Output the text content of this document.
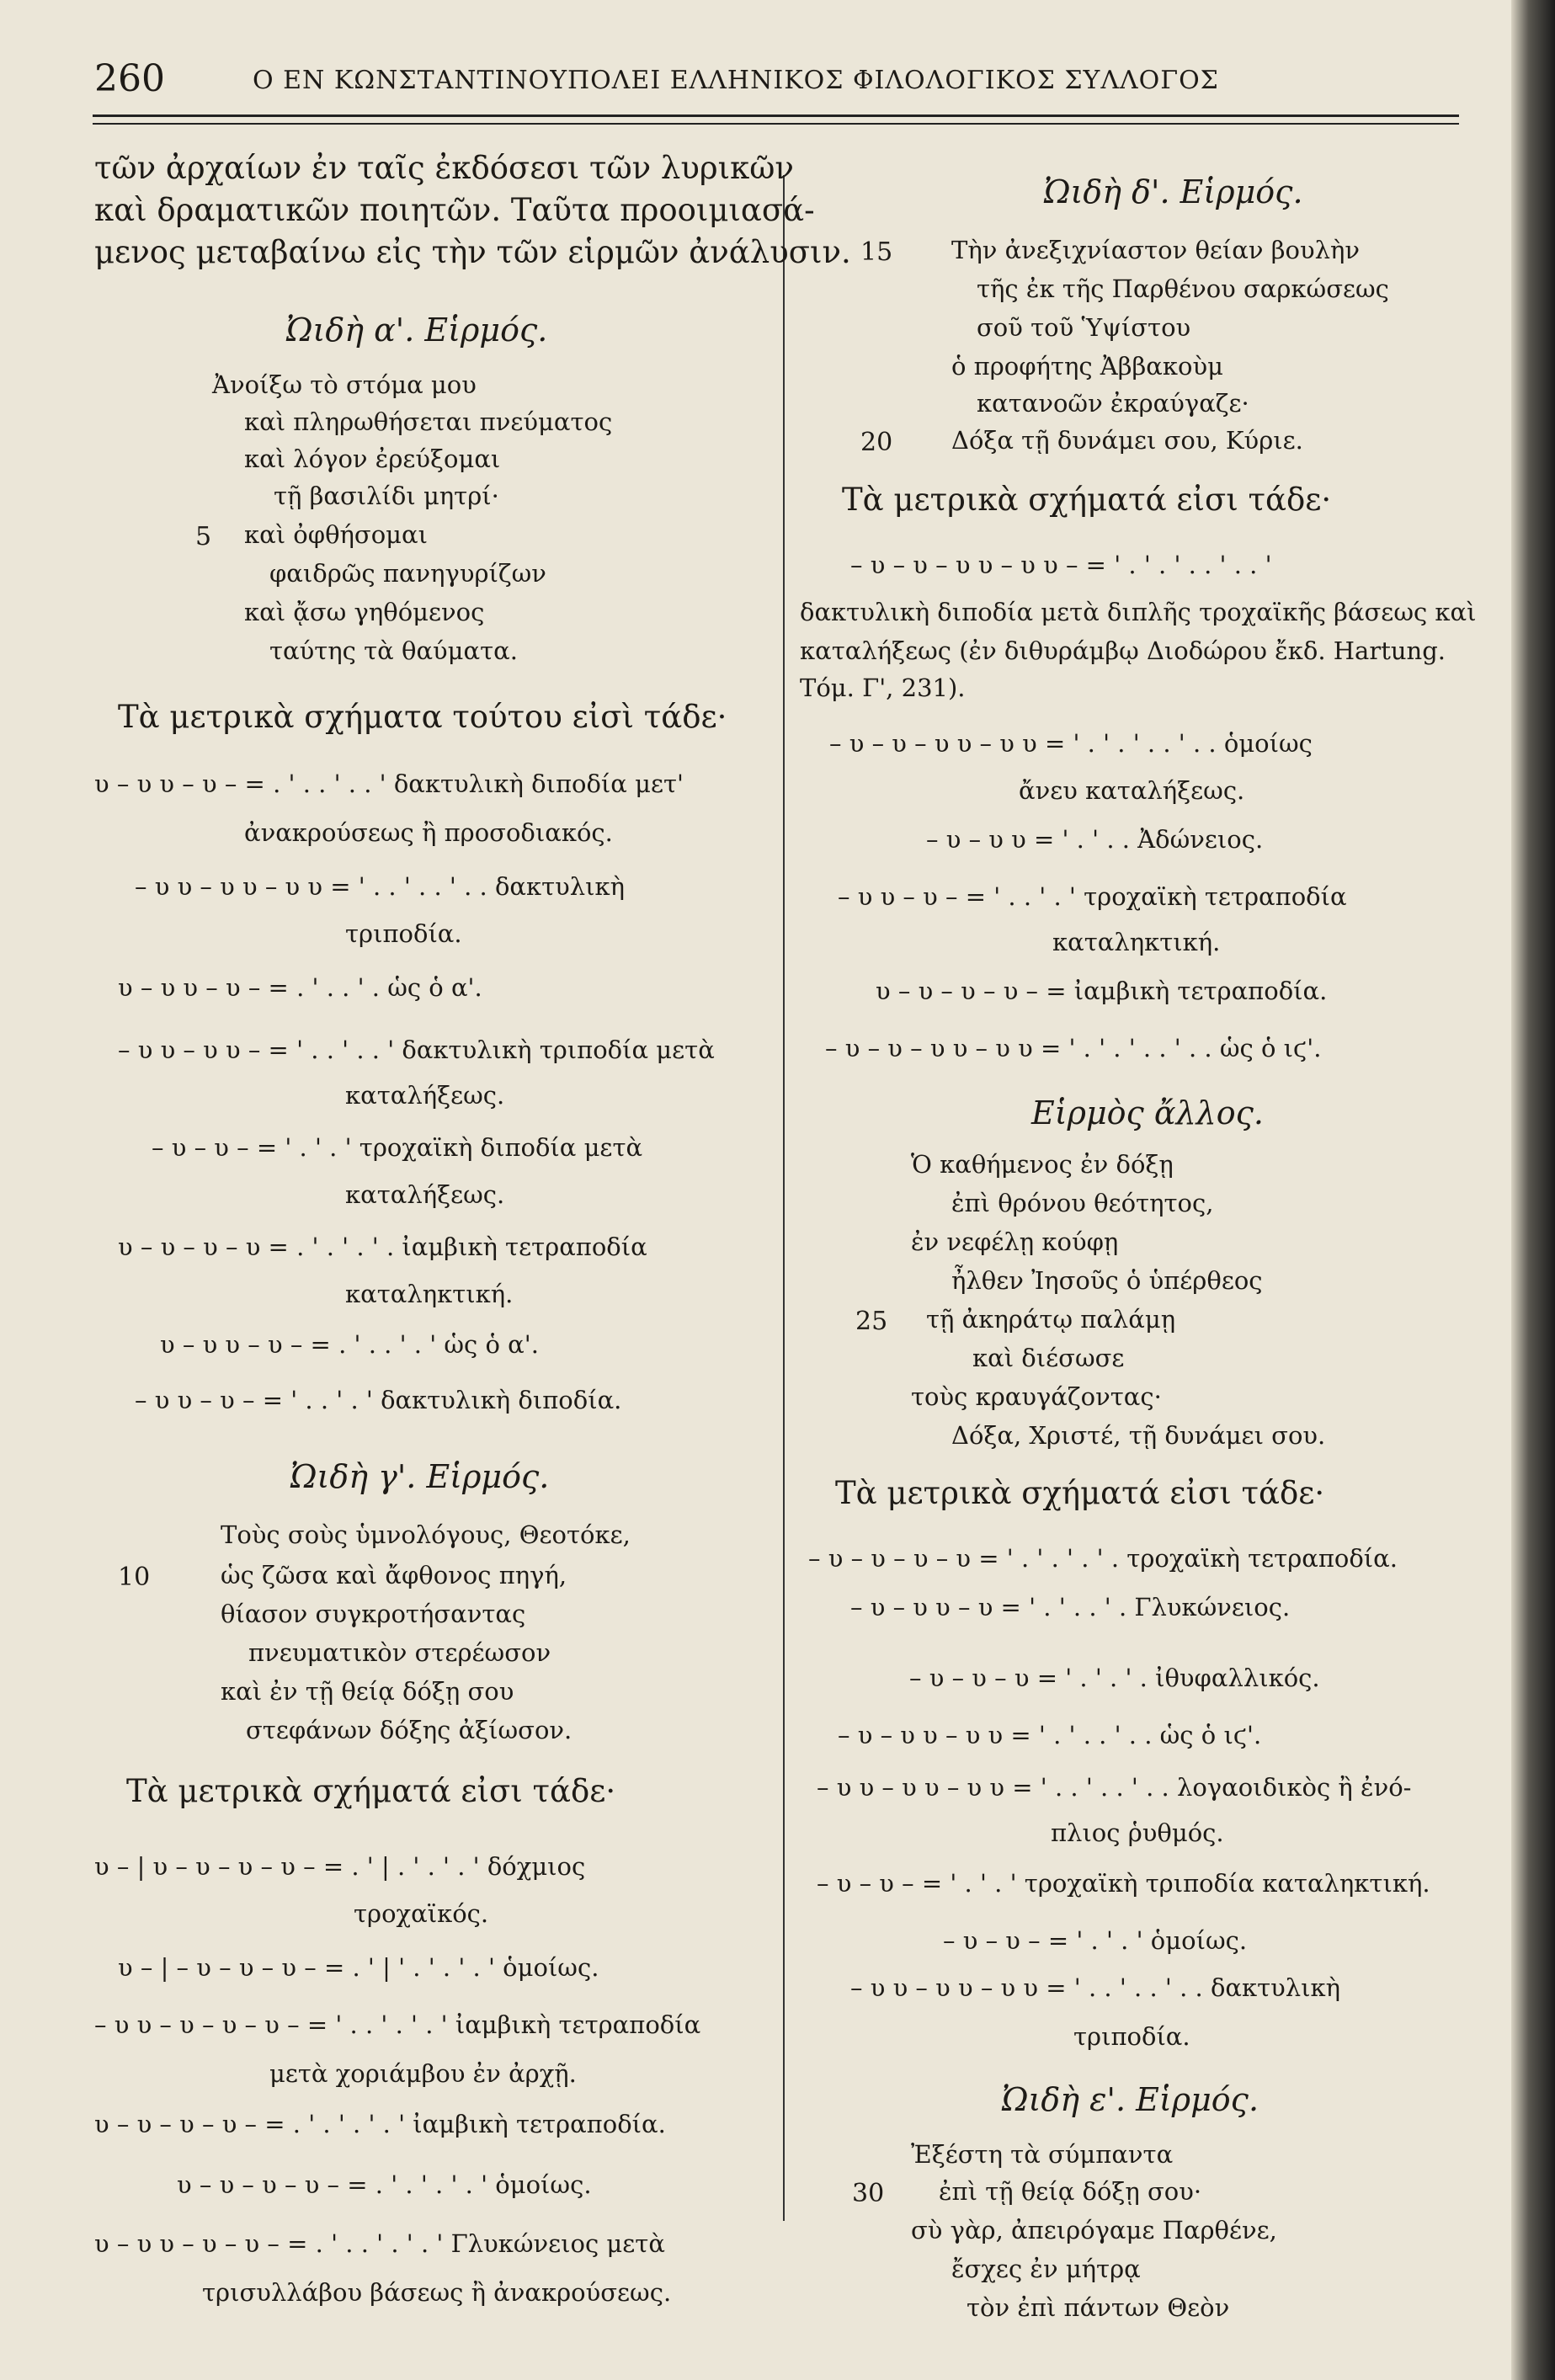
260	Ο ΕΝ ΚΩΝΣΤΑΝΤΙΝΟΥΠΟΛΕΙ ΕΛΛΗΝΙΚΟΣ ΦΙΛΟΛΟΓΙΚΟΣ ΣΥΛΛΟΓΟΣ
τῶν ἀρχαίων ἐν ταῖς ἐκδόσεσι τῶν λυρικῶν
καὶ δραματικῶν ποιητῶν. Ταῦτα προοιμιασά-
μενος μεταβαίνω εἰς τὴν τῶν εἱρμῶν ἀνάλυσιν.
Ὠιδὴ α'. Εἱρμός.
Ἀνοίξω τὸ στόμα μου
καὶ πληρωθήσεται πνεύματος
καὶ λόγον ἐρεύξομαι
τῇ βασιλίδι μητρί·
5 καὶ ὀφθήσομαι
φαιδρῶς πανηγυρίζων
καὶ ᾄσω γηθόμενος
ταύτης τὰ θαύματα.
Τὰ μετρικὰ σχήματα τούτου εἰσὶ τάδε·
υ – υ υ – υ – = . ' . . ' . . ' δακτυλικὴ διποδία μετ'
ἀνακρούσεως ἢ προσοδιακός.
– υ υ – υ υ – υ υ = ' . . ' . . ' . . δακτυλικὴ
τριποδία.
υ – υ υ – υ – = . ' . . ' . ὡς ὁ α'.
– υ υ – υ υ – = ' . . ' . . ' δακτυλικὴ τριποδία μετὰ
καταλήξεως.
– υ – υ – = ' . ' . ' τροχαϊκὴ διποδία μετὰ
καταλήξεως.
υ – υ – υ – υ = . ' . ' . ' . ἰαμβικὴ τετραποδία
καταληκτική.
υ – υ υ – υ – = . ' . . ' . ' ὡς ὁ α'.
– υ υ – υ – = ' . . ' . ' δακτυλικὴ διποδία.
Ὠιδὴ γ'. Εἱρμός.
Τοὺς σοὺς ὑμνολόγους, Θεοτόκε,
10	ὡς ζῶσα καὶ ἄφθονος πηγή,
θίασον συγκροτήσαντας
πνευματικὸν στερέωσον
καὶ ἐν τῇ θείᾳ δόξῃ σου
στεφάνων δόξης ἀξίωσον.
Τὰ μετρικὰ σχήματά εἰσι τάδε·
υ – | υ – υ – υ – υ – = . ' | . ' . ' . ' δόχμιος
τροχαϊκός.
υ – | – υ – υ – υ – = . ' | ' . ' . ' . ' ὁμοίως.
– υ υ – υ – υ – υ – = ' . . ' . ' . ' ἰαμβικὴ τετραποδία
μετὰ χοριάμβου ἐν ἀρχῇ.
υ – υ – υ – υ – = . ' . ' . ' . ' ἰαμβικὴ τετραποδία.
υ – υ – υ – υ – = . ' . ' . ' . ' ὁμοίως.
υ – υ υ – υ – υ – = . ' . . ' . ' . ' Γλυκώνειος μετὰ
τρισυλλάβου βάσεως ἢ ἀνακρούσεως.
Ὠιδὴ δ'. Εἱρμός.
15 Τὴν ἀνεξιχνίαστον θείαν βουλὴν
τῆς ἐκ τῆς Παρθένου σαρκώσεως
σοῦ τοῦ Ὑψίστου
ὁ προφήτης Ἀββακοὺμ
κατανοῶν ἐκραύγαζε·
20 Δόξα τῇ δυνάμει σου, Κύριε.
Τὰ μετρικὰ σχήματά εἰσι τάδε·
– υ – υ – υ υ – υ υ – = ' . ' . ' . . ' . . '
δακτυλικὴ διποδία μετὰ διπλῆς τροχαϊκῆς βάσεως καὶ
καταλήξεως (ἐν διθυράμβῳ Διοδώρου ἔκδ. Hartung.
Τόμ. Γ', 231).
– υ – υ – υ υ – υ υ = ' . ' . ' . . ' . . ὁμοίως
ἄνευ καταλήξεως.
– υ – υ υ = ' . ' . . Ἀδώνειος.
– υ υ – υ – = ' . . ' . ' τροχαϊκὴ τετραποδία
καταληκτική.
υ – υ – υ – υ – = ἰαμβικὴ τετραποδία.
– υ – υ – υ υ – υ υ = ' . ' . ' . . ' . . ὡς ὁ ιϛ'.
Εἱρμὸς ἄλλος.
Ὁ καθήμενος ἐν δόξῃ
ἐπὶ θρόνου θεότητος,
ἐν νεφέλῃ κούφῃ
ἦλθεν Ἰησοῦς ὁ ὑπέρθεος
25 τῇ ἀκηράτῳ παλάμῃ
καὶ διέσωσε
τοὺς κραυγάζοντας·
Δόξα, Χριστέ, τῇ δυνάμει σου.
Τὰ μετρικὰ σχήματά εἰσι τάδε·
– υ – υ – υ – υ = ' . ' . ' . ' . τροχαϊκὴ τετραποδία.
– υ – υ υ – υ = ' . ' . . ' . Γλυκώνειος.
– υ – υ – υ = ' . ' . ' . ἰθυφαλλικός.
– υ – υ υ – υ υ = ' . ' . . ' . . ὡς ὁ ιϛ'.
– υ υ – υ υ – υ υ = ' . . ' . . ' . . λογαοιδικὸς ἢ ἐνό-
πλιος ῥυθμός.
– υ – υ – = ' . ' . ' τροχαϊκὴ τριποδία καταληκτική.
– υ – υ – = ' . ' . ' ὁμοίως.
– υ υ – υ υ – υ υ = ' . . ' . . ' . . δακτυλικὴ
τριποδία.
Ὠιδὴ ε'. Εἱρμός.
Ἐξέστη τὰ σύμπαντα
30 ἐπὶ τῇ θείᾳ δόξῃ σου·
σὺ γὰρ, ἀπειρόγαμε Παρθένε,
ἔσχες ἐν μήτρᾳ
τὸν ἐπὶ πάντων Θεὸν
